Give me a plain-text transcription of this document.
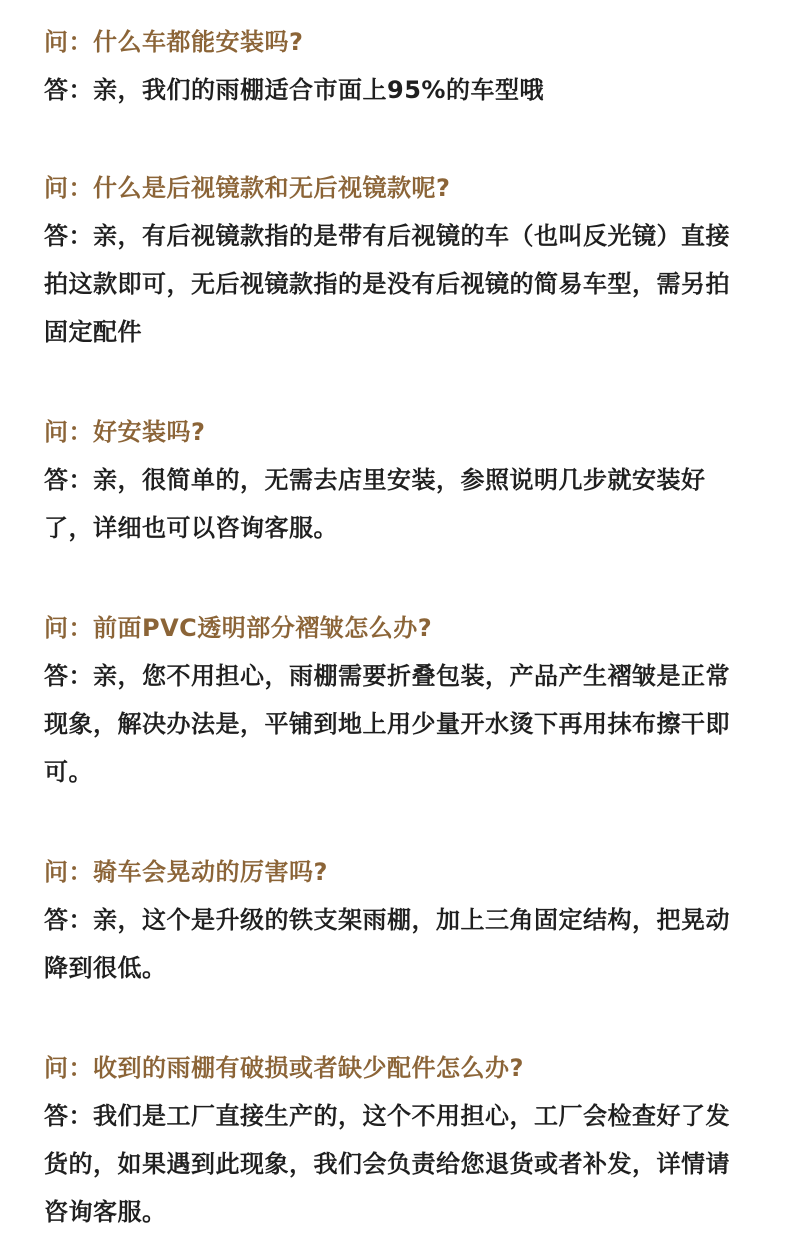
问：什么车都能安装吗?

答：亲，我们的雨棚适合市面上95%的车型哦

问：什么是后视镜款和无后视镜款呢?

答：亲，有后视镜款指的是带有后视镜的车（也叫反光镜）直接拍这款即可，无后视镜款指的是没有后视镜的简易车型，需另拍固定配件

问：好安装吗?

答：亲，很简单的，无需去店里安装，参照说明几步就安装好了，详细也可以咨询客服。

问：前面PVC透明部分褶皱怎么办?

答：亲，您不用担心，雨棚需要折叠包装，产品产生褶皱是正常现象，解决办法是，平铺到地上用少量开水烫下再用抹布擦干即可。

问：骑车会晃动的厉害吗?

答：亲，这个是升级的铁支架雨棚，加上三角固定结构，把晃动降到很低。

问：收到的雨棚有破损或者缺少配件怎么办?

答：我们是工厂直接生产的，这个不用担心，工厂会检查好了发货的，如果遇到此现象，我们会负责给您退货或者补发，详情请咨询客服。
